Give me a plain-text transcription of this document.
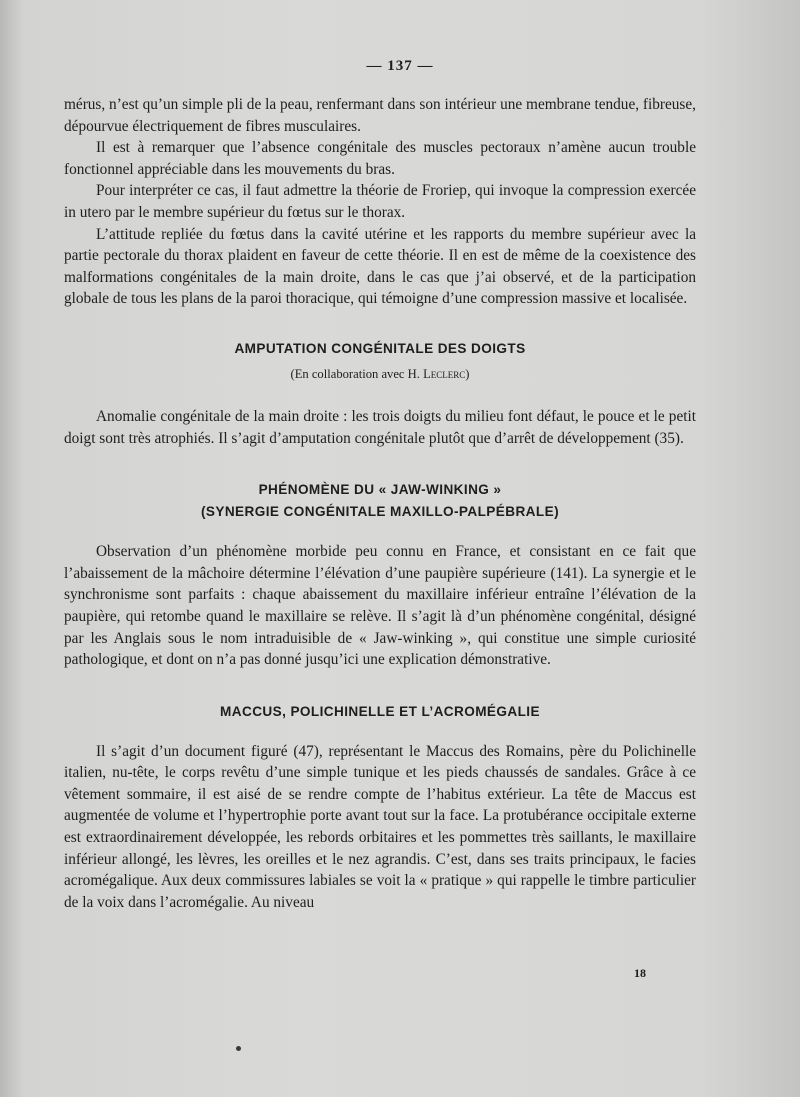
— 137 —

mérus, n’est qu’un simple pli de la peau, renfermant dans son intérieur une membrane tendue, fibreuse, dépourvue électriquement de fibres musculaires.

Il est à remarquer que l’absence congénitale des muscles pectoraux n’amène aucun trouble fonctionnel appréciable dans les mouvements du bras.

Pour interpréter ce cas, il faut admettre la théorie de Froriep, qui invoque la compression exercée in utero par le membre supérieur du fœtus sur le thorax.

L’attitude repliée du fœtus dans la cavité utérine et les rapports du membre supérieur avec la partie pectorale du thorax plaident en faveur de cette théorie. Il en est de même de la coexistence des malformations congénitales de la main droite, dans le cas que j’ai observé, et de la participation globale de tous les plans de la paroi thoracique, qui témoigne d’une compression massive et localisée.

AMPUTATION CONGÉNITALE DES DOIGTS
(En collaboration avec H. Leclerc)

Anomalie congénitale de la main droite : les trois doigts du milieu font défaut, le pouce et le petit doigt sont très atrophiés. Il s’agit d’amputation congénitale plutôt que d’arrêt de développement (35).

PHÉNOMÈNE DU « JAW-WINKING »
(SYNERGIE CONGÉNITALE MAXILLO-PALPÉBRALE)

Observation d’un phénomène morbide peu connu en France, et consistant en ce fait que l’abaissement de la mâchoire détermine l’élévation d’une paupière supérieure (141). La synergie et le synchronisme sont parfaits : chaque abaissement du maxillaire inférieur entraîne l’élévation de la paupière, qui retombe quand le maxillaire se relève. Il s’agit là d’un phénomène congénital, désigné par les Anglais sous le nom intraduisible de « Jaw-winking », qui constitue une simple curiosité pathologique, et dont on n’a pas donné jusqu’ici une explication démonstrative.

MACCUS, POLICHINELLE ET L’ACROMÉGALIE

Il s’agit d’un document figuré (47), représentant le Maccus des Romains, père du Polichinelle italien, nu-tête, le corps revêtu d’une simple tunique et les pieds chaussés de sandales. Grâce à ce vêtement sommaire, il est aisé de se rendre compte de l’habitus extérieur. La tête de Maccus est augmentée de volume et l’hypertrophie porte avant tout sur la face. La protubérance occipitale externe est extraordinairement développée, les rebords orbitaires et les pommettes très saillants, le maxillaire inférieur allongé, les lèvres, les oreilles et le nez agrandis. C’est, dans ses traits principaux, le facies acromégalique. Aux deux commissures labiales se voit la « pratique » qui rappelle le timbre particulier de la voix dans l’acromégalie. Au niveau

18
